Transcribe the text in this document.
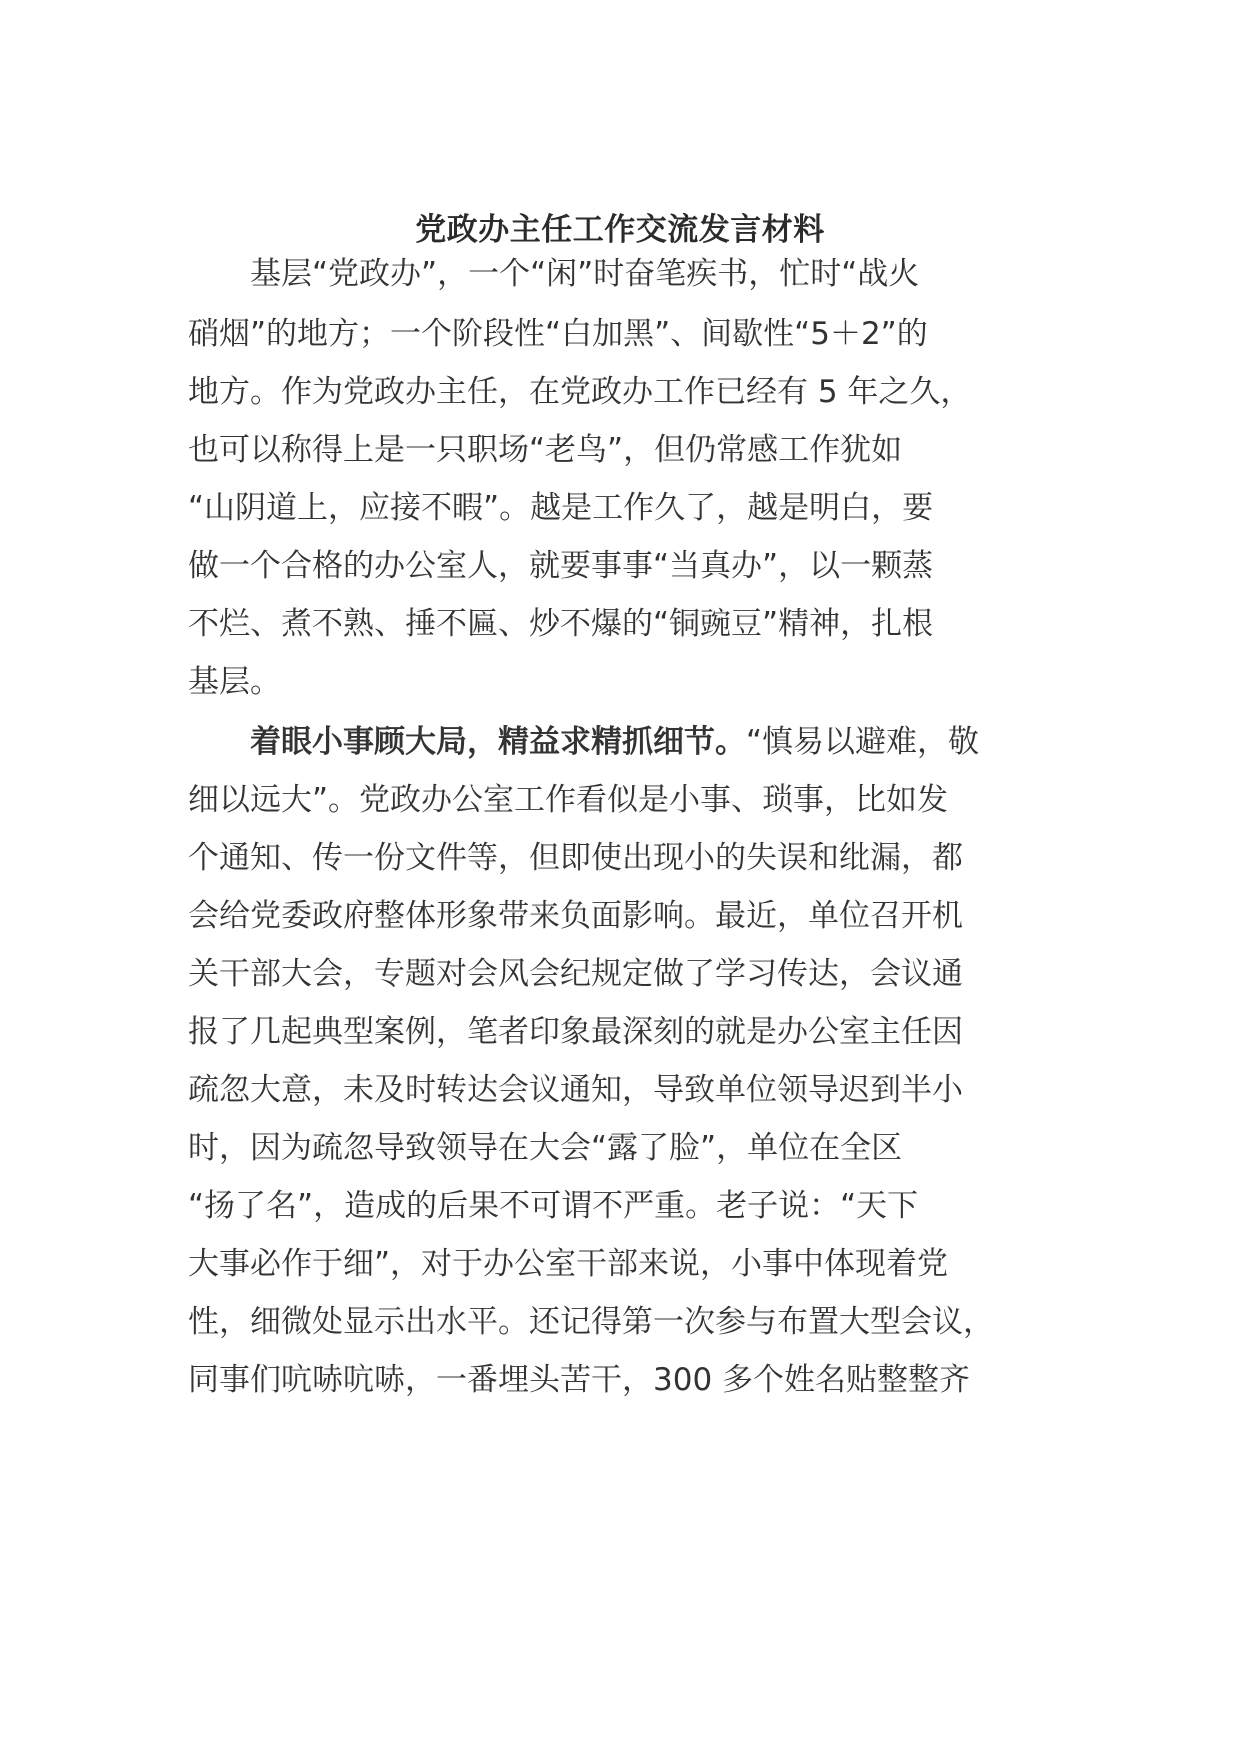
党政办主任工作交流发言材料
　　基层“党政办”，一个“闲”时奋笔疾书，忙时“战火
硝烟”的地方；一个阶段性“白加黑”、间歇性“5＋2”的
地方。作为党政办主任，在党政办工作已经有 5 年之久，
也可以称得上是一只职场“老鸟”，但仍常感工作犹如
“山阴道上，应接不暇”。越是工作久了，越是明白，要
做一个合格的办公室人，就要事事“当真办”，以一颗蒸
不烂、煮不熟、捶不匾、炒不爆的“铜豌豆”精神，扎根
基层。
　　着眼小事顾大局，精益求精抓细节。“慎易以避难，敬
细以远大”。党政办公室工作看似是小事、琐事，比如发
个通知、传一份文件等，但即使出现小的失误和纰漏，都
会给党委政府整体形象带来负面影响。最近，单位召开机
关干部大会，专题对会风会纪规定做了学习传达，会议通
报了几起典型案例，笔者印象最深刻的就是办公室主任因
疏忽大意，未及时转达会议通知，导致单位领导迟到半小
时，因为疏忽导致领导在大会“露了脸”，单位在全区
“扬了名”，造成的后果不可谓不严重。老子说：“天下
大事必作于细”，对于办公室干部来说，小事中体现着党
性，细微处显示出水平。还记得第一次参与布置大型会议，
同事们吭哧吭哧，一番埋头苦干，300 多个姓名贴整整齐
